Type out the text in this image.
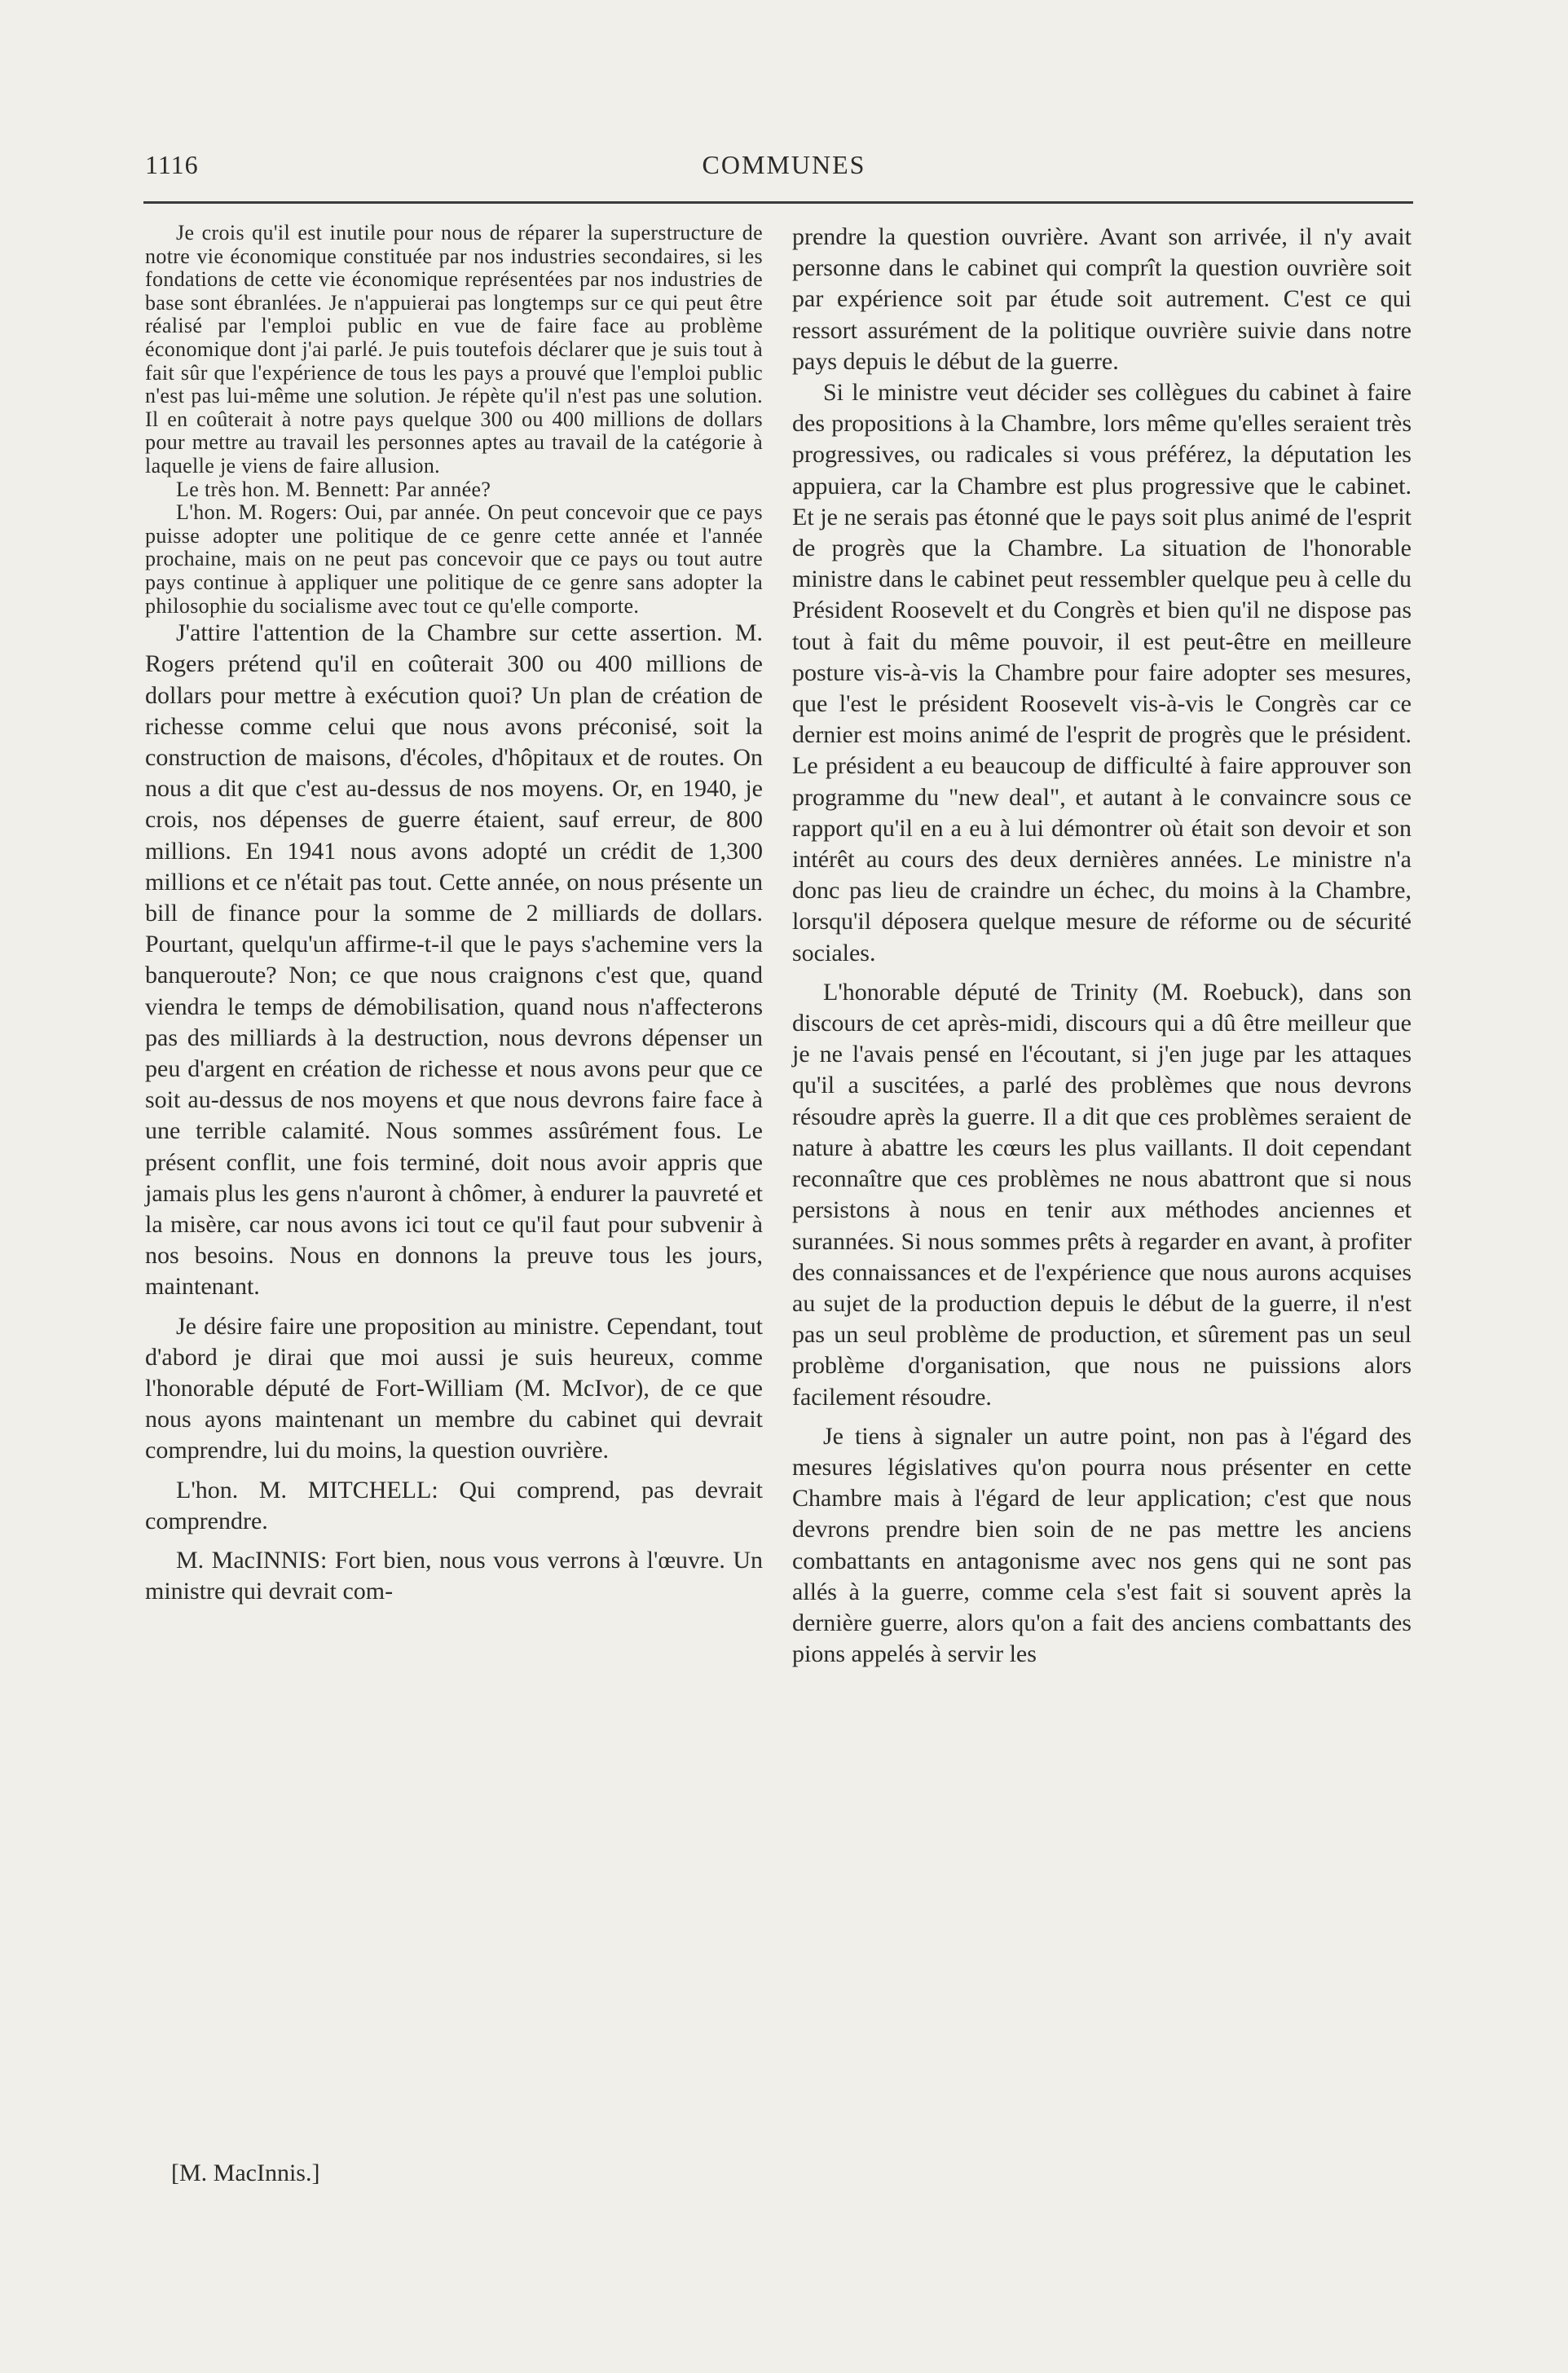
1116	COMMUNES

Je crois qu'il est inutile pour nous de réparer la superstructure de notre vie économique constituée par nos industries secondaires, si les fondations de cette vie économique représentées par nos industries de base sont ébranlées. Je n'appuierai pas longtemps sur ce qui peut être réalisé par l'emploi public en vue de faire face au problème économique dont j'ai parlé. Je puis toutefois déclarer que je suis tout à fait sûr que l'expérience de tous les pays a prouvé que l'emploi public n'est pas lui-même une solution. Je répète qu'il n'est pas une solution. Il en coûterait à notre pays quelque 300 ou 400 millions de dollars pour mettre au travail les personnes aptes au travail de la catégorie à laquelle je viens de faire allusion.

Le très hon. M. Bennett: Par année?

L'hon. M. Rogers: Oui, par année. On peut concevoir que ce pays puisse adopter une politique de ce genre cette année et l'année prochaine, mais on ne peut pas concevoir que ce pays ou tout autre pays continue à appliquer une politique de ce genre sans adopter la philosophie du socialisme avec tout ce qu'elle comporte.

J'attire l'attention de la Chambre sur cette assertion. M. Rogers prétend qu'il en coûterait 300 ou 400 millions de dollars pour mettre à exécution quoi? Un plan de création de richesse comme celui que nous avons préconisé, soit la construction de maisons, d'écoles, d'hôpitaux et de routes. On nous a dit que c'est au-dessus de nos moyens. Or, en 1940, je crois, nos dépenses de guerre étaient, sauf erreur, de 800 millions. En 1941 nous avons adopté un crédit de 1,300 millions et ce n'était pas tout. Cette année, on nous présente un bill de finance pour la somme de 2 milliards de dollars. Pourtant, quelqu'un affirme-t-il que le pays s'achemine vers la banqueroute? Non; ce que nous craignons c'est que, quand viendra le temps de démobilisation, quand nous n'affecterons pas des milliards à la destruction, nous devrons dépenser un peu d'argent en création de richesse et nous avons peur que ce soit au-dessus de nos moyens et que nous devrons faire face à une terrible calamité. Nous sommes assûrément fous. Le présent conflit, une fois terminé, doit nous avoir appris que jamais plus les gens n'auront à chômer, à endurer la pauvreté et la misère, car nous avons ici tout ce qu'il faut pour subvenir à nos besoins. Nous en donnons la preuve tous les jours, maintenant.

Je désire faire une proposition au ministre. Cependant, tout d'abord je dirai que moi aussi je suis heureux, comme l'honorable député de Fort-William (M. McIvor), de ce que nous ayons maintenant un membre du cabinet qui devrait comprendre, lui du moins, la question ouvrière.

L'hon. M. MITCHELL: Qui comprend, pas devrait comprendre.

M. MacINNIS: Fort bien, nous vous verrons à l'œuvre. Un ministre qui devrait com-

[M. MacInnis.]

prendre la question ouvrière. Avant son arrivée, il n'y avait personne dans le cabinet qui comprît la question ouvrière soit par expérience soit par étude soit autrement. C'est ce qui ressort assurément de la politique ouvrière suivie dans notre pays depuis le début de la guerre.

Si le ministre veut décider ses collègues du cabinet à faire des propositions à la Chambre, lors même qu'elles seraient très progressives, ou radicales si vous préférez, la députation les appuiera, car la Chambre est plus progressive que le cabinet. Et je ne serais pas étonné que le pays soit plus animé de l'esprit de progrès que la Chambre. La situation de l'honorable ministre dans le cabinet peut ressembler quelque peu à celle du Président Roosevelt et du Congrès et bien qu'il ne dispose pas tout à fait du même pouvoir, il est peut-être en meilleure posture vis-à-vis la Chambre pour faire adopter ses mesures, que l'est le président Roosevelt vis-à-vis le Congrès car ce dernier est moins animé de l'esprit de progrès que le président. Le président a eu beaucoup de difficulté à faire approuver son programme du "new deal", et autant à le convaincre sous ce rapport qu'il en a eu à lui démontrer où était son devoir et son intérêt au cours des deux dernières années. Le ministre n'a donc pas lieu de craindre un échec, du moins à la Chambre, lorsqu'il déposera quelque mesure de réforme ou de sécurité sociales.

L'honorable député de Trinity (M. Roebuck), dans son discours de cet après-midi, discours qui a dû être meilleur que je ne l'avais pensé en l'écoutant, si j'en juge par les attaques qu'il a suscitées, a parlé des problèmes que nous devrons résoudre après la guerre. Il a dit que ces problèmes seraient de nature à abattre les cœurs les plus vaillants. Il doit cependant reconnaître que ces problèmes ne nous abattront que si nous persistons à nous en tenir aux méthodes anciennes et surannées. Si nous sommes prêts à regarder en avant, à profiter des connaissances et de l'expérience que nous aurons acquises au sujet de la production depuis le début de la guerre, il n'est pas un seul problème de production, et sûrement pas un seul problème d'organisation, que nous ne puissions alors facilement résoudre.

Je tiens à signaler un autre point, non pas à l'égard des mesures législatives qu'on pourra nous présenter en cette Chambre mais à l'égard de leur application; c'est que nous devrons prendre bien soin de ne pas mettre les anciens combattants en antagonisme avec nos gens qui ne sont pas allés à la guerre, comme cela s'est fait si souvent après la dernière guerre, alors qu'on a fait des anciens combattants des pions appelés à servir les
